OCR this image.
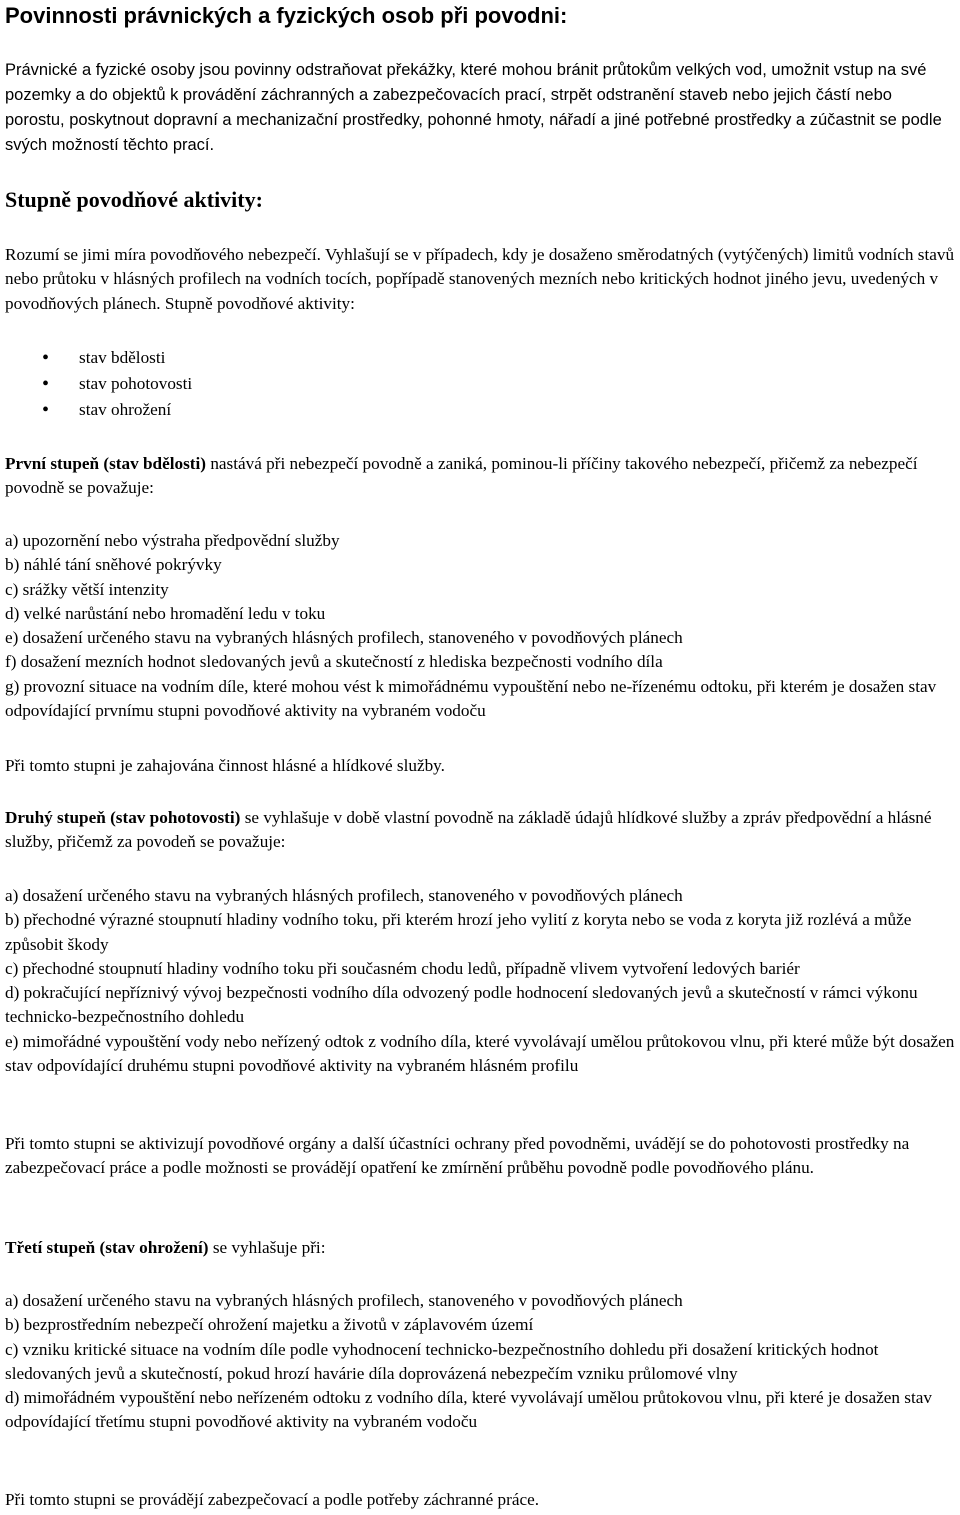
Povinnosti právnických a fyzických osob při povodni:

Právnické a fyzické osoby jsou povinny odstraňovat překážky, které mohou bránit průtokům velkých vod, umožnit vstup na své pozemky a do objektů k provádění záchranných a zabezpečovacích prací, strpět odstranění staveb nebo jejich částí nebo porostu, poskytnout dopravní a mechanizační prostředky, pohonné hmoty, nářadí a jiné potřebné prostředky a zúčastnit se podle svých možností těchto prací.

Stupně povodňové aktivity:

Rozumí se jimi míra povodňového nebezpečí. Vyhlašují se v případech, kdy je dosaženo směrodatných (vytýčených) limitů vodních stavů nebo průtoku v hlásných profilech na vodních tocích, popřípadě stanovených mezních nebo kritických hodnot jiného jevu, uvedených v povodňových plánech. Stupně povodňové aktivity:

• stav bdělosti
• stav pohotovosti
• stav ohrožení

První stupeň (stav bdělosti) nastává při nebezpečí povodně a zaniká, pominou-li příčiny takového nebezpečí, přičemž za nebezpečí povodně se považuje:

a) upozornění nebo výstraha předpovědní služby
b) náhlé tání sněhové pokrývky
c) srážky větší intenzity
d) velké narůstání nebo hromadění ledu v toku
e) dosažení určeného stavu na vybraných hlásných profilech, stanoveného v povodňových plánech
f) dosažení mezních hodnot sledovaných jevů a skutečností z hlediska bezpečnosti vodního díla
g) provozní situace na vodním díle, které mohou vést k mimořádnému vypouštění nebo ne-řízenému odtoku, při kterém je dosažen stav odpovídající prvnímu stupni povodňové aktivity na vybraném vodoču

Při tomto stupni je zahajována činnost hlásné a hlídkové služby.

Druhý stupeň (stav pohotovosti) se vyhlašuje v době vlastní povodně na základě údajů hlídkové služby a zpráv předpovědní a hlásné služby, přičemž za povodeň se považuje:

a) dosažení určeného stavu na vybraných hlásných profilech, stanoveného v povodňových plánech
b) přechodné výrazné stoupnutí hladiny vodního toku, při kterém hrozí jeho vylití z koryta nebo se voda z koryta již rozlévá a může způsobit škody
c) přechodné stoupnutí hladiny vodního toku při současném chodu ledů, případně vlivem vytvoření ledových bariér
d) pokračující nepříznivý vývoj bezpečnosti vodního díla odvozený podle hodnocení sledovaných jevů a skutečností v rámci výkonu technicko-bezpečnostního dohledu
e) mimořádné vypouštění vody nebo neřízený odtok z vodního díla, které vyvolávají umělou průtokovou vlnu, při které může být dosažen stav odpovídající druhému stupni povodňové aktivity na vybraném hlásném profilu

Při tomto stupni se aktivizují povodňové orgány a další účastníci ochrany před povodněmi, uvádějí se do pohotovosti prostředky na zabezpečovací práce a podle možnosti se provádějí opatření ke zmírnění průběhu povodně podle povodňového plánu.

Třetí stupeň (stav ohrožení) se vyhlašuje při:

a) dosažení určeného stavu na vybraných hlásných profilech, stanoveného v povodňových plánech
b) bezprostředním nebezpečí ohrožení majetku a životů v záplavovém území
c) vzniku kritické situace na vodním díle podle vyhodnocení technicko-bezpečnostního dohledu při dosažení kritických hodnot sledovaných jevů a skutečností, pokud hrozí havárie díla doprovázená nebezpečím vzniku průlomové vlny
d) mimořádném vypouštění nebo neřízeném odtoku z vodního díla, které vyvolávají umělou průtokovou vlnu, při které je dosažen stav odpovídající třetímu stupni povodňové aktivity na vybraném vodoču

Při tomto stupni se provádějí zabezpečovací a podle potřeby záchranné práce.
